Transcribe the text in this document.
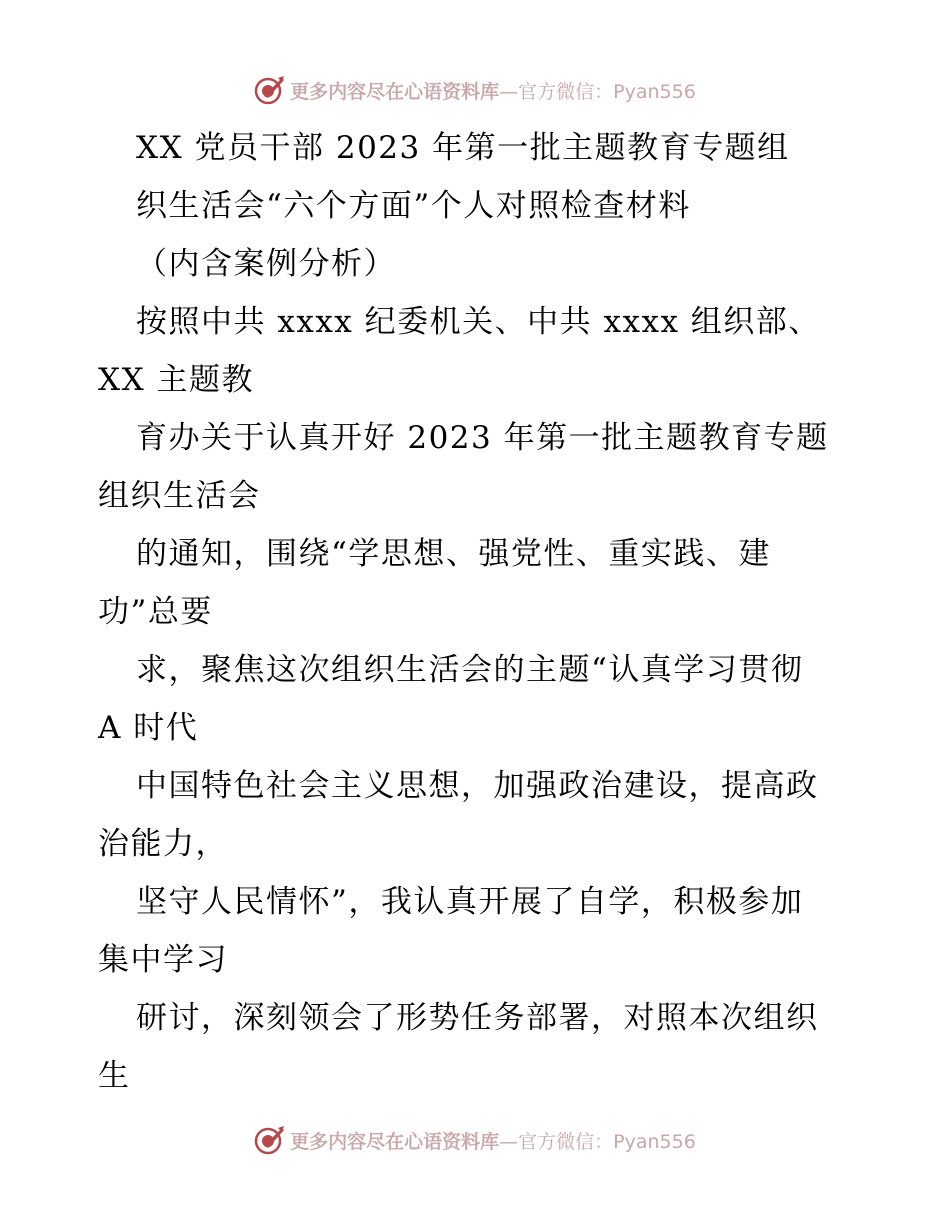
更多内容尽在心语资料库 —官方微信：Pyan556
XX 党员干部 2023 年第一批主题教育专题组
织生活会“六个方面”个人对照检查材料
（内含案例分析）
按照中共 xxxx 纪委机关、中共 xxxx 组织部、
XX 主题教
育办关于认真开好 2023 年第一批主题教育专题
组织生活会
的通知，围绕“学思想、强党性、重实践、建
功”总要
求，聚焦这次组织生活会的主题“认真学习贯彻
A 时代
中国特色社会主义思想，加强政治建设，提高政
治能力，
坚守人民情怀”，我认真开展了自学，积极参加
集中学习
研讨，深刻领会了形势任务部署，对照本次组织
生
更多内容尽在心语资料库 —官方微信：Pyan556
